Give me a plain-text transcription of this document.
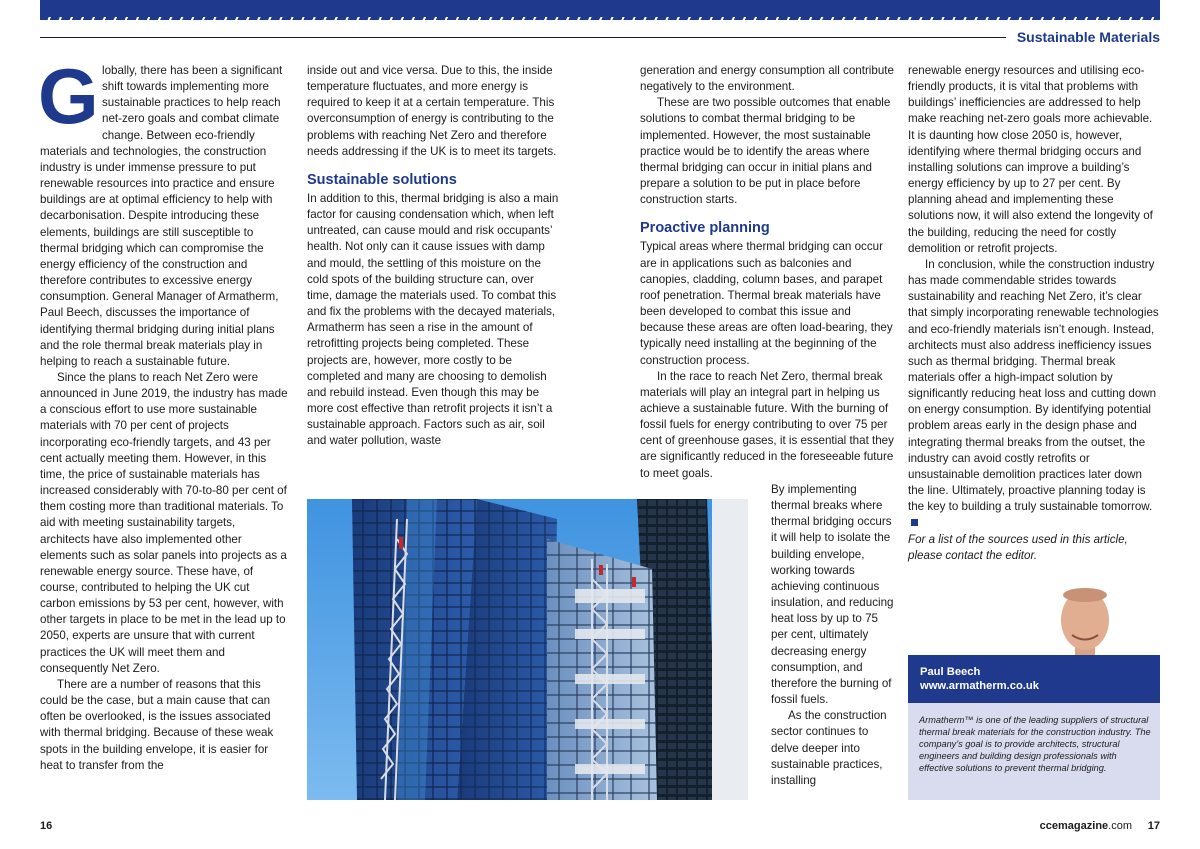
Sustainable Materials
G lobally, there has been a significant shift towards implementing more sustainable practices to help reach net-zero goals and combat climate change. Between eco-friendly materials and technologies, the construction industry is under immense pressure to put renewable resources into practice and ensure buildings are at optimal efficiency to help with decarbonisation. Despite introducing these elements, buildings are still susceptible to thermal bridging which can compromise the energy efficiency of the construction and therefore contributes to excessive energy consumption. General Manager of Armatherm, Paul Beech, discusses the importance of identifying thermal bridging during initial plans and the role thermal break materials play in helping to reach a sustainable future.

Since the plans to reach Net Zero were announced in June 2019, the industry has made a conscious effort to use more sustainable materials with 70 per cent of projects incorporating eco-friendly targets, and 43 per cent actually meeting them. However, in this time, the price of sustainable materials has increased considerably with 70-to-80 per cent of them costing more than traditional materials. To aid with meeting sustainability targets, architects have also implemented other elements such as solar panels into projects as a renewable energy source. These have, of course, contributed to helping the UK cut carbon emissions by 53 per cent, however, with other targets in place to be met in the lead up to 2050, experts are unsure that with current practices the UK will meet them and consequently Net Zero.

There are a number of reasons that this could be the case, but a main cause that can often be overlooked, is the issues associated with thermal bridging. Because of these weak spots in the building envelope, it is easier for heat to transfer from the

inside out and vice versa. Due to this, the inside temperature fluctuates, and more energy is required to keep it at a certain temperature. This overconsumption of energy is contributing to the problems with reaching Net Zero and therefore needs addressing if the UK is to meet its targets.

Sustainable solutions

In addition to this, thermal bridging is also a main factor for causing condensation which, when left untreated, can cause mould and risk occupants’ health. Not only can it cause issues with damp and mould, the settling of this moisture on the cold spots of the building structure can, over time, damage the materials used. To combat this and fix the problems with the decayed materials, Armatherm has seen a rise in the amount of retrofitting projects being completed. These projects are, however, more costly to be completed and many are choosing to demolish and rebuild instead. Even though this may be more cost effective than retrofit projects it isn’t a sustainable approach. Factors such as air, soil and water pollution, waste

generation and energy consumption all contribute negatively to the environment.

These are two possible outcomes that enable solutions to combat thermal bridging to be implemented. However, the most sustainable practice would be to identify the areas where thermal bridging can occur in initial plans and prepare a solution to be put in place before construction starts.

Proactive planning

Typical areas where thermal bridging can occur are in applications such as balconies and canopies, cladding, column bases, and parapet roof penetration. Thermal break materials have been developed to combat this issue and because these areas are often load-bearing, they typically need installing at the beginning of the construction process.

In the race to reach Net Zero, thermal break materials will play an integral part in helping us achieve a sustainable future. With the burning of fossil fuels for energy contributing to over 75 per cent of greenhouse gases, it is essential that they are significantly reduced in the foreseeable future to meet goals.

By implementing thermal breaks where thermal bridging occurs it will help to isolate the building envelope, working towards achieving continuous insulation, and reducing heat loss by up to 75 per cent, ultimately decreasing energy consumption, and therefore the burning of fossil fuels.

As the construction sector continues to delve deeper into sustainable practices, installing

renewable energy resources and utilising eco-friendly products, it is vital that problems with buildings’ inefficiencies are addressed to help make reaching net-zero goals more achievable. It is daunting how close 2050 is, however, identifying where thermal bridging occurs and installing solutions can improve a building’s energy efficiency by up to 27 per cent. By planning ahead and implementing these solutions now, it will also extend the longevity of the building, reducing the need for costly demolition or retrofit projects.

In conclusion, while the construction industry has made commendable strides towards sustainability and reaching Net Zero, it’s clear that simply incorporating renewable technologies and eco-friendly materials isn’t enough. Instead, architects must also address inefficiency issues such as thermal bridging. Thermal break materials offer a high-impact solution by significantly reducing heat loss and cutting down on energy consumption. By identifying potential problem areas early in the design phase and integrating thermal breaks from the outset, the industry can avoid costly retrofits or unsustainable demolition practices later down the line. Ultimately, proactive planning today is the key to building a truly sustainable tomorrow.

For a list of the sources used in this article, please contact the editor.

Paul Beech
www.armatherm.co.uk
Armatherm™ is one of the leading suppliers of structural thermal break materials for the construction industry. The company’s goal is to provide architects, structural engineers and building design professionals with effective solutions to prevent thermal bridging.
16	ccemagazine.com 17
